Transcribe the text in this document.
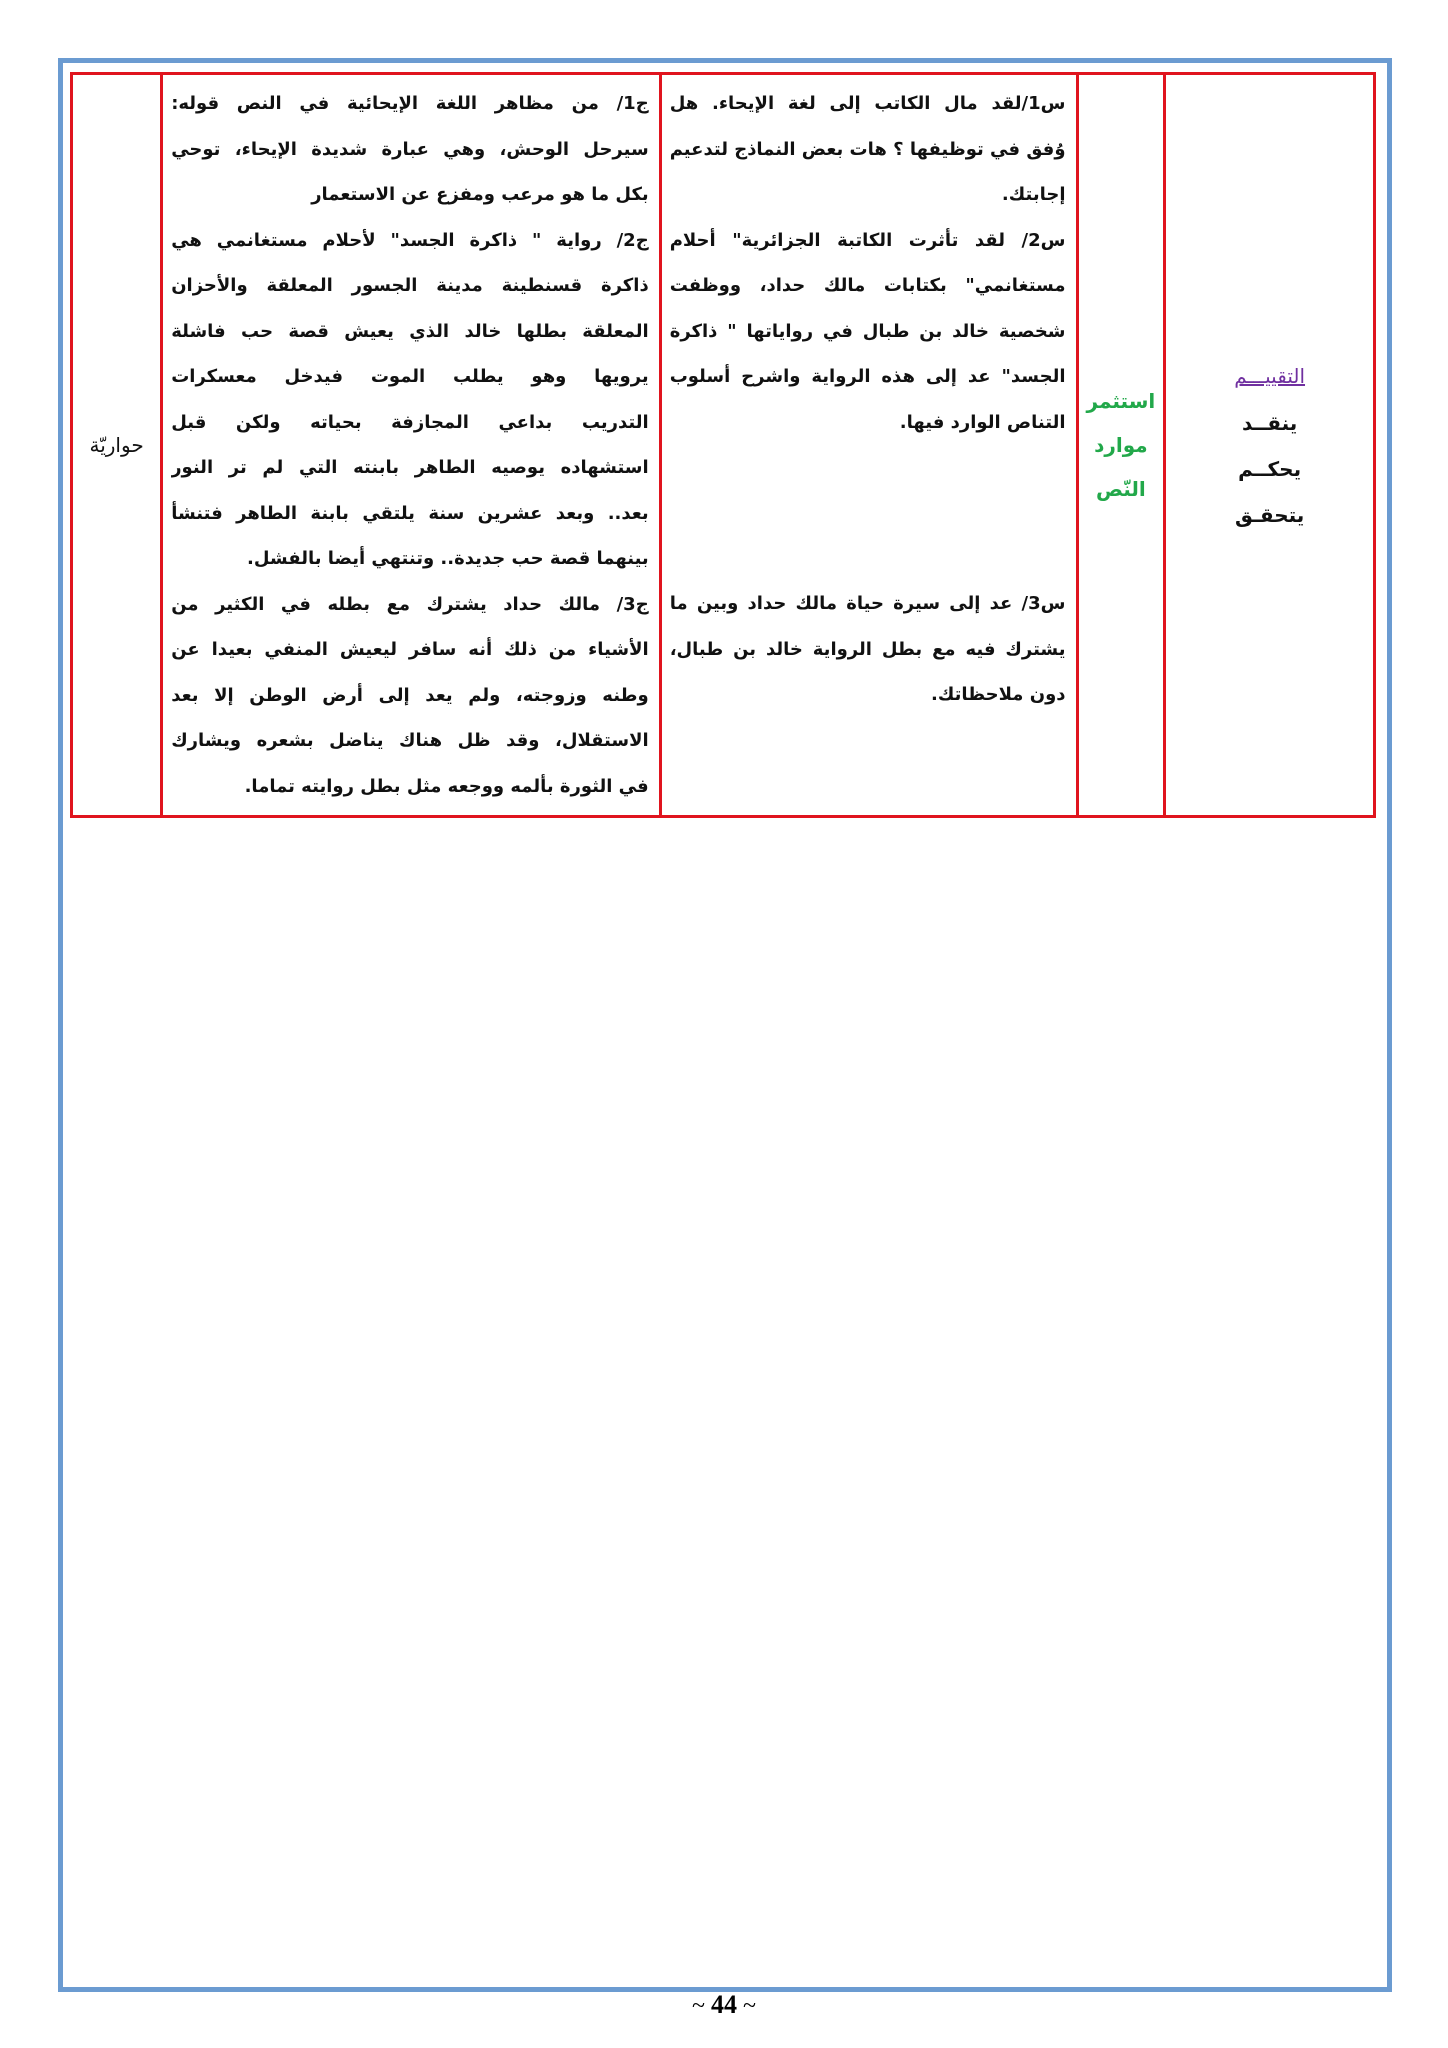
التقييـــم
ينقــد
يحكــم
يتحقـق

استثمر
موارد
النّص

س1/لقد مال الكاتب إلى لغة الإيحاء. هل
وُفق في توظيفها ؟ هات بعض النماذج لتدعيم
إجابتك.
س2/ لقد تأثرت الكاتبة الجزائرية" أحلام
مستغانمي" بكتابات مالك حداد، ووظفت
شخصية خالد بن طبال في رواياتها " ذاكرة
الجسد" عد إلى هذه الرواية واشرح أسلوب
التناص الوارد فيها.
س3/ عد إلى سيرة حياة مالك حداد وبين ما
يشترك فيه مع بطل الرواية خالد بن طبال،
دون ملاحظاتك.

ج1/ من مظاهر اللغة الإيحائية في النص قوله:
سيرحل الوحش، وهي عبارة شديدة الإيحاء، توحي
بكل ما هو مرعب ومفزع عن الاستعمار
ج2/ رواية " ذاكرة الجسد" لأحلام مستغانمي هي
ذاكرة قسنطينة مدينة الجسور المعلقة والأحزان
المعلقة بطلها خالد الذي يعيش قصة حب فاشلة
يرويها وهو يطلب الموت فيدخل معسكرات
التدريب بداعي المجازفة بحياته ولكن قبل
استشهاده يوصيه الطاهر بابنته التي لم تر النور
بعد.. وبعد عشرين سنة يلتقي بابنة الطاهر فتنشأ
بينهما قصة حب جديدة.. وتنتهي أيضا بالفشل.
ج3/ مالك حداد يشترك مع بطله في الكثير من
الأشياء من ذلك أنه سافر ليعيش المنفي بعيدا عن
وطنه وزوجته، ولم يعد إلى أرض الوطن إلا بعد
الاستقلال، وقد ظل هناك يناضل بشعره ويشارك
في الثورة بألمه ووجعه مثل بطل روايته تماما.
	حواريّة
~ 44 ~
